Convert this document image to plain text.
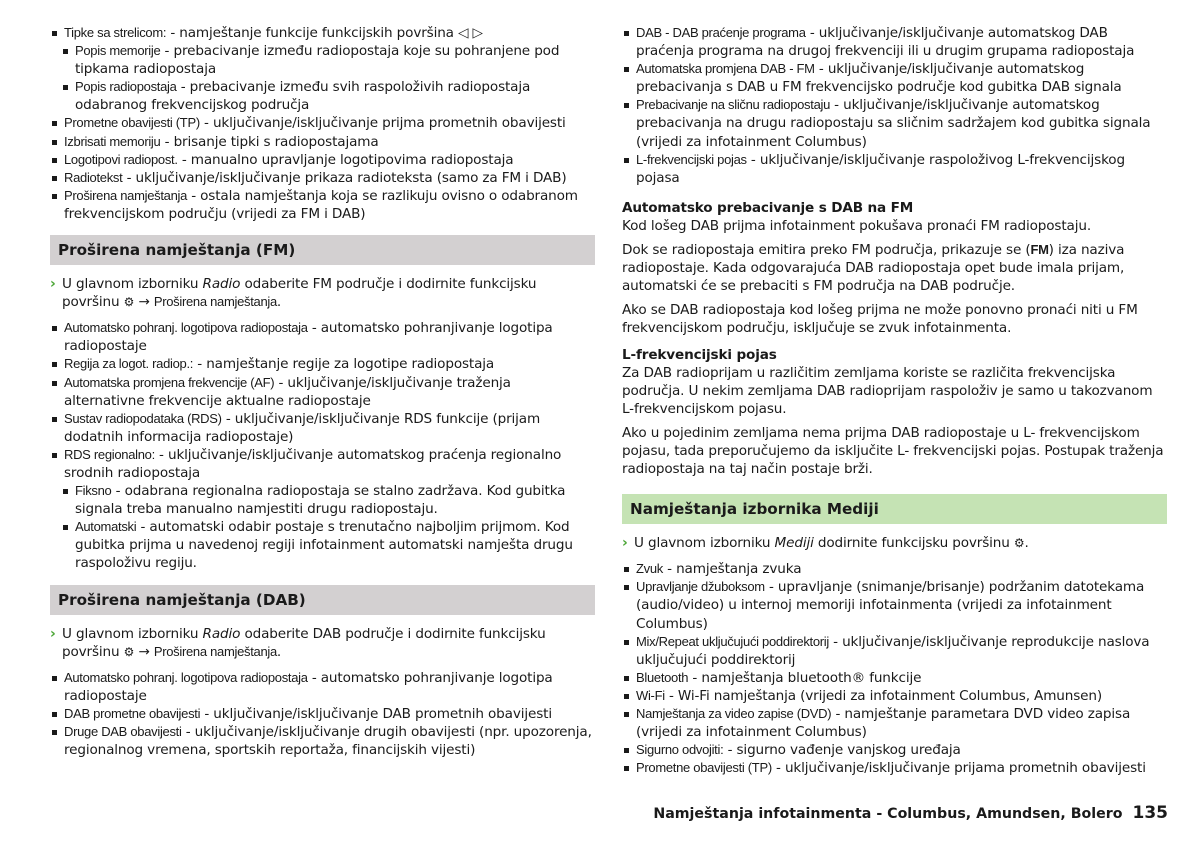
Tipke sa strelicom: - namještanje funkcije funkcijskih površina ◁ ▷

Popis memorije - prebacivanje između radiopostaja koje su pohranjene pod tipkama radiopostaja

Popis radiopostaja - prebacivanje između svih raspoloživih radiopostaja odabranog frekvencijskog područja

Prometne obavijesti (TP) - uključivanje/isključivanje prijma prometnih obavijesti

Izbrisati memoriju - brisanje tipki s radiopostajama

Logotipovi radiopost. - manualno upravljanje logotipovima radiopostaja

Radiotekst - uključivanje/isključivanje prikaza radioteksta (samo za FM i DAB)

Proširena namještanja - ostala namještanja koja se razlikuju ovisno o odabranom frekvencijskom području (vrijedi za FM i DAB)

Proširena namještanja (FM)

› U glavnom izborniku Radio odaberite FM područje i dodirnite funkcijsku površinu ⚙ → Proširena namještanja.

Automatsko pohranj. logotipova radiopostaja - automatsko pohranjivanje logotipa radiopostaje

Regija za logot. radiop.: - namještanje regije za logotipe radiopostaja

Automatska promjena frekvencije (AF) - uključivanje/isključivanje traženja alternativne frekvencije aktualne radiopostaje

Sustav radiopodataka (RDS) - uključivanje/isključivanje RDS funkcije (prijam dodatnih informacija radiopostaje)

RDS regionalno: - uključivanje/isključivanje automatskog praćenja regionalno srodnih radiopostaja

Fiksno - odabrana regionalna radiopostaja se stalno zadržava. Kod gubitka signala treba manualno namjestiti drugu radiopostaju.

Automatski - automatski odabir postaje s trenutačno najboljim prijmom. Kod gubitka prijma u navedenoj regiji infotainment automatski namješta drugu raspoloživu regiju.

Proširena namještanja (DAB)

› U glavnom izborniku Radio odaberite DAB područje i dodirnite funkcijsku površinu ⚙ → Proširena namještanja.

Automatsko pohranj. logotipova radiopostaja - automatsko pohranjivanje logotipa radiopostaje

DAB prometne obavijesti - uključivanje/isključivanje DAB prometnih obavijesti

Druge DAB obavijesti - uključivanje/isključivanje drugih obavijesti (npr. upozorenja, regionalnog vremena, sportskih reportaža, financijskih vijesti)

DAB - DAB praćenje programa - uključivanje/isključivanje automatskog DAB praćenja programa na drugoj frekvenciji ili u drugim grupama radiopostaja

Automatska promjena DAB - FM - uključivanje/isključivanje automatskog prebacivanja s DAB u FM frekvencijsko područje kod gubitka DAB signala

Prebacivanje na sličnu radiopostaju - uključivanje/isključivanje automatskog prebacivanja na drugu radiopostaju sa sličnim sadržajem kod gubitka signala (vrijedi za infotainment Columbus)

L-frekvencijski pojas - uključivanje/isključivanje raspoloživog L-frekvencijskog pojasa

Automatsko prebacivanje s DAB na FM

Kod lošeg DAB prijma infotainment pokušava pronaći FM radiopostaju.

Dok se radiopostaja emitira preko FM područja, prikazuje se (FM) iza naziva radiopostaje. Kada odgovarajuća DAB radiopostaja opet bude imala prijam, automatski će se prebaciti s FM područja na DAB područje.

Ako se DAB radiopostaja kod lošeg prijma ne može ponovno pronaći niti u FM frekvencijskom području, isključuje se zvuk infotainmenta.

L-frekvencijski pojas

Za DAB radioprijam u različitim zemljama koriste se različita frekvencijska područja. U nekim zemljama DAB radioprijam raspoloživ je samo u takozvanom L-frekvencijskom pojasu.

Ako u pojedinim zemljama nema prijma DAB radiopostaje u L- frekvencijskom pojasu, tada preporučujemo da isključite L- frekvencijski pojas. Postupak traženja radiopostaja na taj način postaje brži.

Namještanja izbornika Mediji

› U glavnom izborniku Mediji dodirnite funkcijsku površinu ⚙.

Zvuk - namještanja zvuka

Upravljanje džuboksom - upravljanje (snimanje/brisanje) podržanim datotekama (audio/video) u internoj memoriji infotainmenta (vrijedi za infotainment Columbus)

Mix/Repeat uključujući poddirektorij - uključivanje/isključivanje reprodukcije naslova uključujući poddirektorij

Bluetooth - namještanja bluetooth® funkcije

Wi-Fi - Wi-Fi namještanja (vrijedi za infotainment Columbus, Amunsen)

Namještanja za video zapise (DVD) - namještanje parametara DVD video zapisa (vrijedi za infotainment Columbus)

Sigurno odvojiti: - sigurno vađenje vanjskog uređaja

Prometne obavijesti (TP) - uključivanje/isključivanje prijama prometnih obavijesti

Namještanja infotainmenta - Columbus, Amundsen, Bolero 135
